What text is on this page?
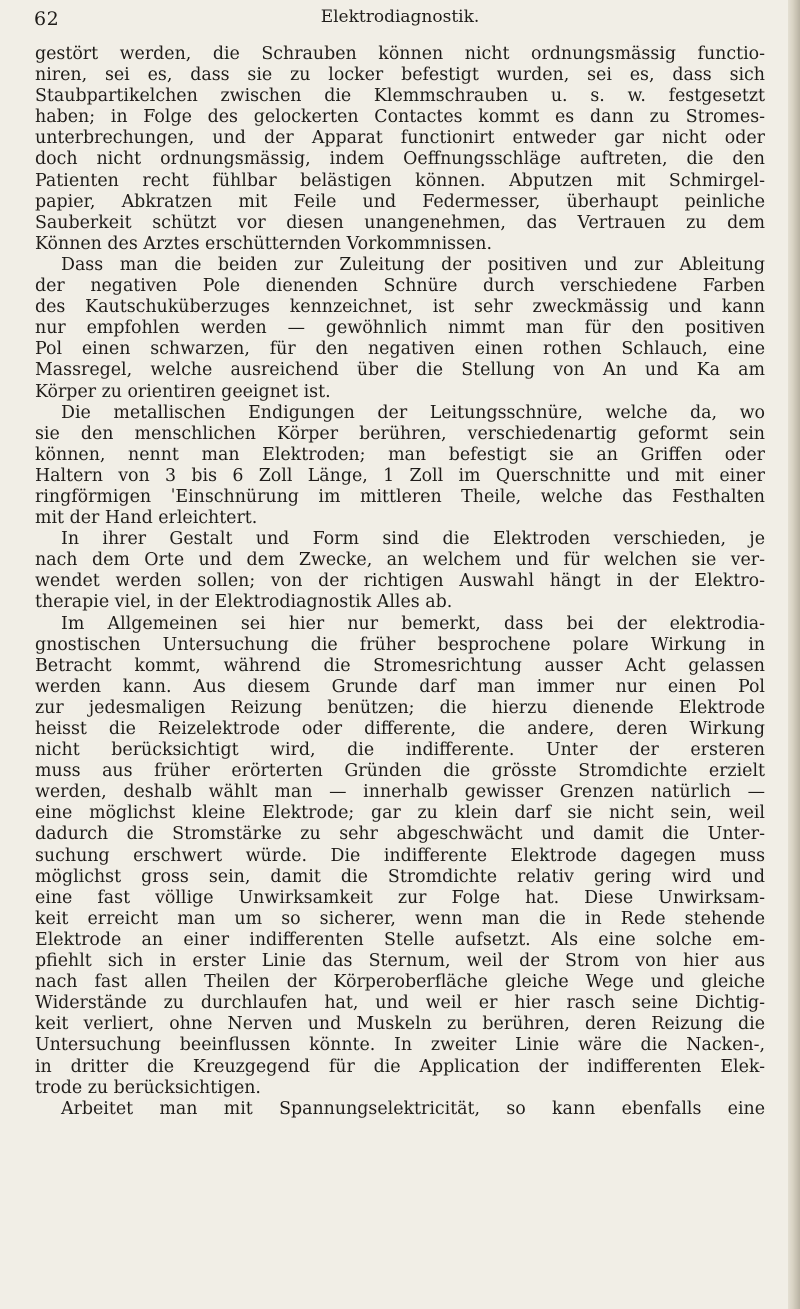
62	Elektrodiagnostik.
gestört werden, die Schrauben können nicht ordnungsmässig functio-
niren, sei es, dass sie zu locker befestigt wurden, sei es, dass sich
Staubpartikelchen zwischen die Klemmschrauben u. s. w. festgesetzt
haben; in Folge des gelockerten Contactes kommt es dann zu Stromes-
unterbrechungen, und der Apparat functionirt entweder gar nicht oder
doch nicht ordnungsmässig, indem Oeffnungsschläge auftreten, die den
Patienten recht fühlbar belästigen können. Abputzen mit Schmirgel-
papier, Abkratzen mit Feile und Federmesser, überhaupt peinliche
Sauberkeit schützt vor diesen unangenehmen, das Vertrauen zu dem
Können des Arztes erschütternden Vorkommnissen.
Dass man die beiden zur Zuleitung der positiven und zur Ableitung
der negativen Pole dienenden Schnüre durch verschiedene Farben
des Kautschuküberzuges kennzeichnet, ist sehr zweckmässig und kann
nur empfohlen werden — gewöhnlich nimmt man für den positiven
Pol einen schwarzen, für den negativen einen rothen Schlauch, eine
Massregel, welche ausreichend über die Stellung von An und Ka am
Körper zu orientiren geeignet ist.
Die metallischen Endigungen der Leitungsschnüre, welche da, wo
sie den menschlichen Körper berühren, verschiedenartig geformt sein
können, nennt man Elektroden; man befestigt sie an Griffen oder
Haltern von 3 bis 6 Zoll Länge, 1 Zoll im Querschnitte und mit einer
ringförmigen ˈEinschnürung im mittleren Theile, welche das Festhalten
mit der Hand erleichtert.
In ihrer Gestalt und Form sind die Elektroden verschieden, je
nach dem Orte und dem Zwecke, an welchem und für welchen sie ver-
wendet werden sollen; von der richtigen Auswahl hängt in der Elektro-
therapie viel, in der Elektrodiagnostik Alles ab.
Im Allgemeinen sei hier nur bemerkt, dass bei der elektrodia-
gnostischen Untersuchung die früher besprochene polare Wirkung in
Betracht kommt, während die Stromesrichtung ausser Acht gelassen
werden kann. Aus diesem Grunde darf man immer nur einen Pol
zur jedesmaligen Reizung benützen; die hierzu dienende Elektrode
heisst die Reizelektrode oder differente, die andere, deren Wirkung
nicht berücksichtigt wird, die indifferente. Unter der ersteren
muss aus früher erörterten Gründen die grösste Stromdichte erzielt
werden, deshalb wählt man — innerhalb gewisser Grenzen natürlich —
eine möglichst kleine Elektrode; gar zu klein darf sie nicht sein, weil
dadurch die Stromstärke zu sehr abgeschwächt und damit die Unter-
suchung erschwert würde. Die indifferente Elektrode dagegen muss
möglichst gross sein, damit die Stromdichte relativ gering wird und
eine fast völlige Unwirksamkeit zur Folge hat. Diese Unwirksam-
keit erreicht man um so sicherer, wenn man die in Rede stehende
Elektrode an einer indifferenten Stelle aufsetzt. Als eine solche em-
pfiehlt sich in erster Linie das Sternum, weil der Strom von hier aus
nach fast allen Theilen der Körperoberfläche gleiche Wege und gleiche
Widerstände zu durchlaufen hat, und weil er hier rasch seine Dichtig-
keit verliert, ohne Nerven und Muskeln zu berühren, deren Reizung die
Untersuchung beeinflussen könnte. In zweiter Linie wäre die Nacken-,
in dritter die Kreuzgegend für die Application der indifferenten Elek-
trode zu berücksichtigen.
Arbeitet man mit Spannungselektricität, so kann ebenfalls eine
